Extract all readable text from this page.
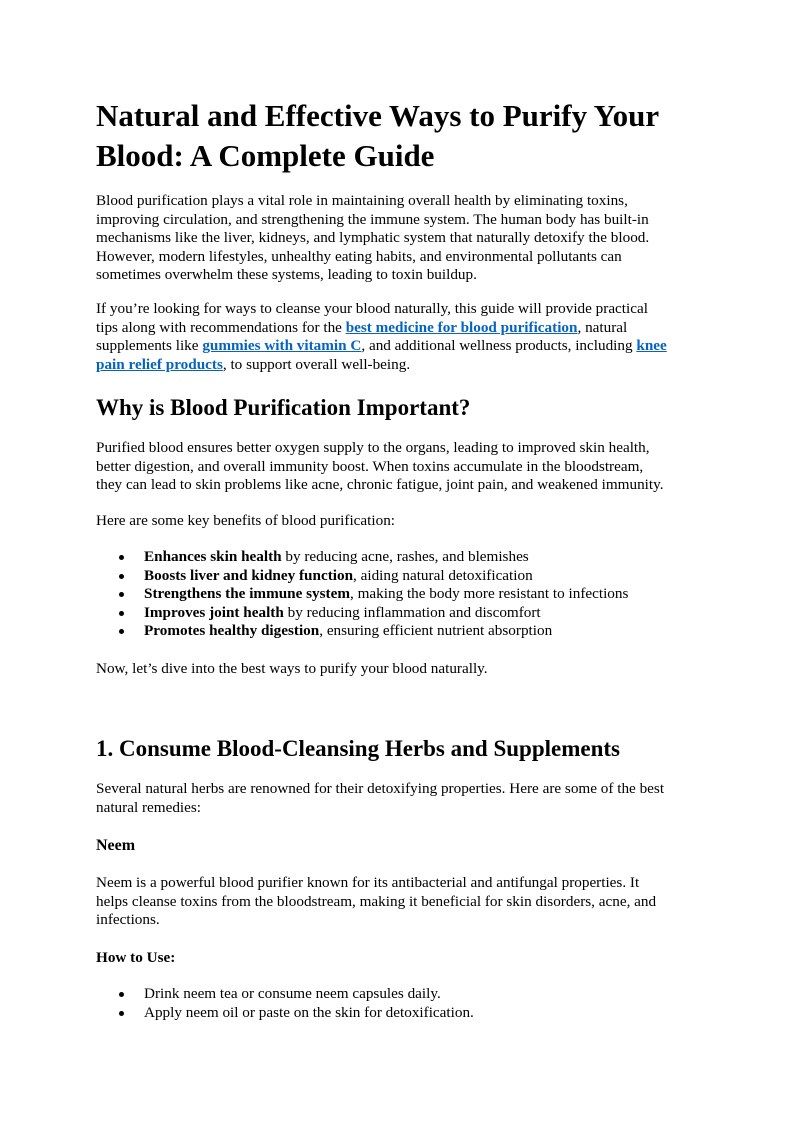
Natural and Effective Ways to Purify Your
Blood: A Complete Guide

Blood purification plays a vital role in maintaining overall health by eliminating toxins,
improving circulation, and strengthening the immune system. The human body has built-in
mechanisms like the liver, kidneys, and lymphatic system that naturally detoxify the blood.
However, modern lifestyles, unhealthy eating habits, and environmental pollutants can
sometimes overwhelm these systems, leading to toxin buildup.

If you’re looking for ways to cleanse your blood naturally, this guide will provide practical
tips along with recommendations for the best medicine for blood purification, natural
supplements like gummies with vitamin C, and additional wellness products, including knee
pain relief products, to support overall well-being.

Why is Blood Purification Important?

Purified blood ensures better oxygen supply to the organs, leading to improved skin health,
better digestion, and overall immunity boost. When toxins accumulate in the bloodstream,
they can lead to skin problems like acne, chronic fatigue, joint pain, and weakened immunity.

Here are some key benefits of blood purification:

Enhances skin health by reducing acne, rashes, and blemishes
Boosts liver and kidney function, aiding natural detoxification
Strengthens the immune system, making the body more resistant to infections
Improves joint health by reducing inflammation and discomfort
Promotes healthy digestion, ensuring efficient nutrient absorption

Now, let’s dive into the best ways to purify your blood naturally.

1. Consume Blood-Cleansing Herbs and Supplements

Several natural herbs are renowned for their detoxifying properties. Here are some of the best
natural remedies:

Neem

Neem is a powerful blood purifier known for its antibacterial and antifungal properties. It
helps cleanse toxins from the bloodstream, making it beneficial for skin disorders, acne, and
infections.

How to Use:

Drink neem tea or consume neem capsules daily.
Apply neem oil or paste on the skin for detoxification.
